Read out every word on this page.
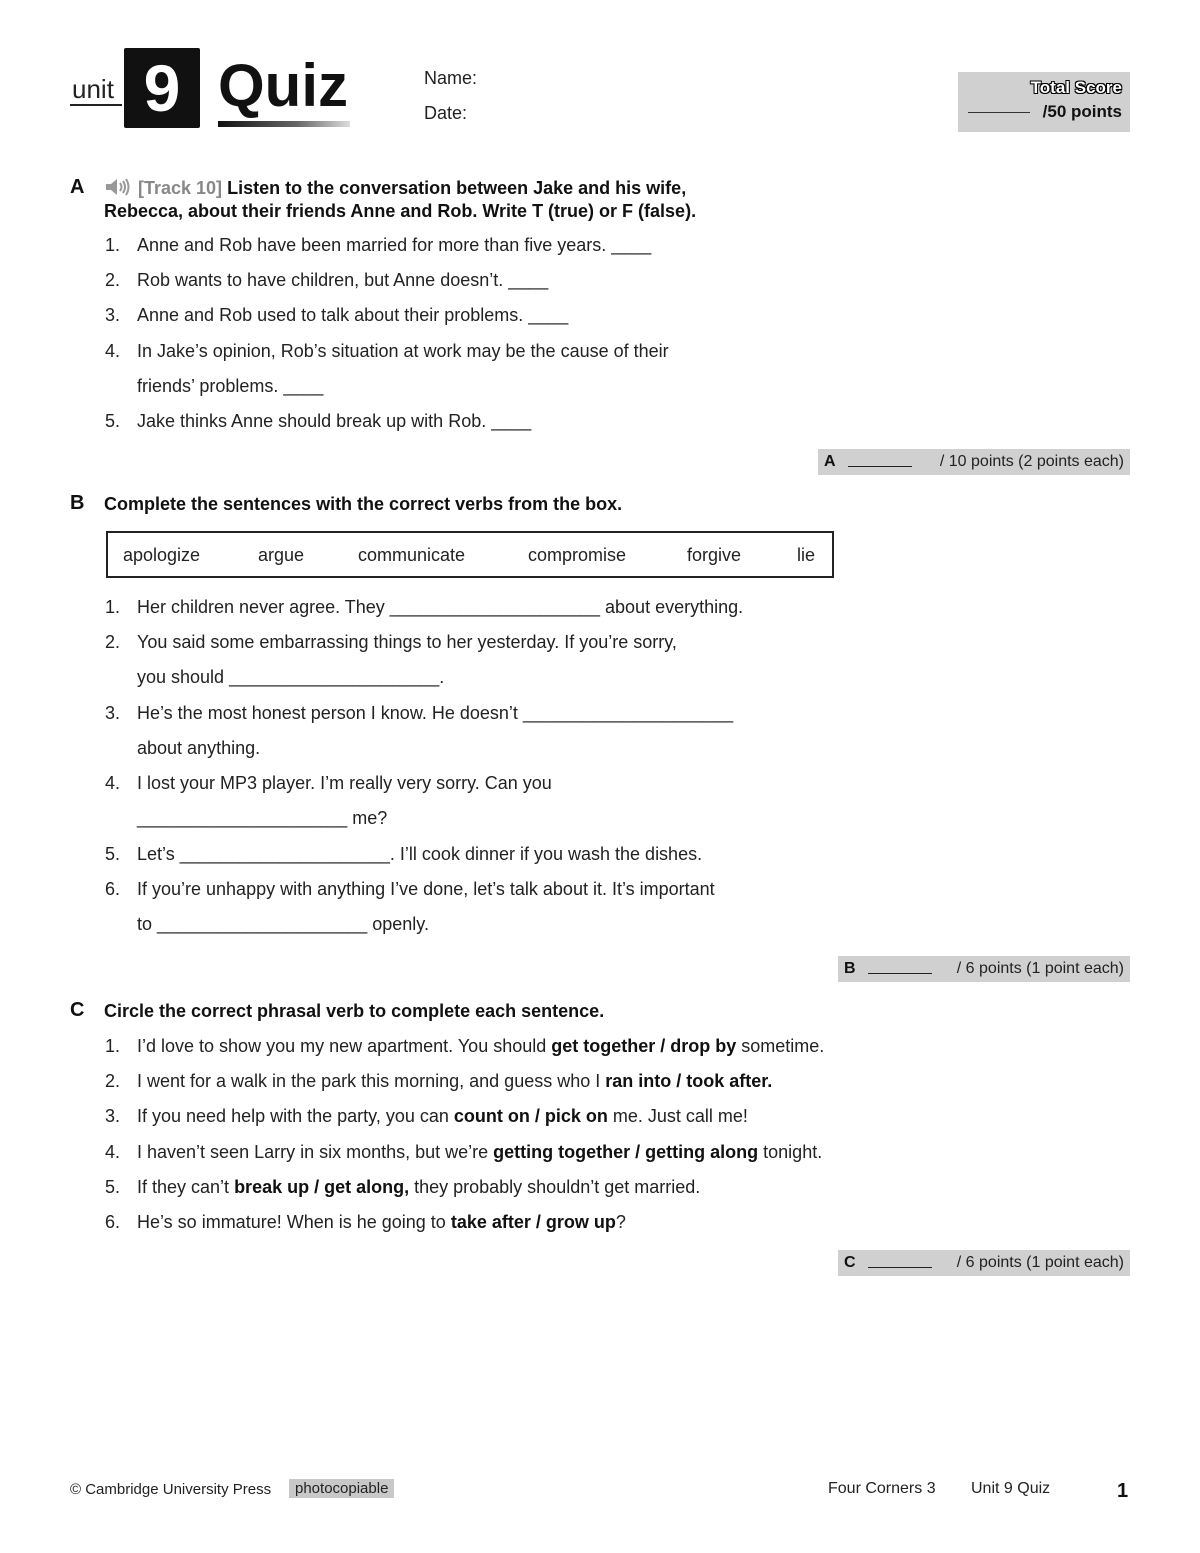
unit 9 Quiz	Name:
Date:
Total Score
/50 points
A	[Track 10] Listen to the conversation between Jake and his wife,
Rebecca, about their friends Anne and Rob. Write T (true) or F (false).
1. Anne and Rob have been married for more than five years. ____
2. Rob wants to have children, but Anne doesn’t. ____
3. Anne and Rob used to talk about their problems. ____
4. In Jake’s opinion, Rob’s situation at work may be the cause of their
friends’ problems. ____
5. Jake thinks Anne should break up with Rob. ____
A	/ 10 points (2 points each)
B Complete the sentences with the correct verbs from the box.
apologize	argue	communicate	compromise	forgive	lie
1. Her children never agree. They _____________________ about everything.
2. You said some embarrassing things to her yesterday. If you’re sorry,
you should _____________________.
3. He’s the most honest person I know. He doesn’t _____________________
about anything.
4. I lost your MP3 player. I’m really very sorry. Can you
_____________________ me?
5. Let’s _____________________. I’ll cook dinner if you wash the dishes.
6. If you’re unhappy with anything I’ve done, let’s talk about it. It’s important
to _____________________ openly.
B	/ 6 points (1 point each)
C Circle the correct phrasal verb to complete each sentence.
1. I’d love to show you my new apartment. You should get together / drop by sometime.
2. I went for a walk in the park this morning, and guess who I ran into / took after.
3. If you need help with the party, you can count on / pick on me. Just call me!
4. I haven’t seen Larry in six months, but we’re getting together / getting along tonight.
5. If they can’t break up / get along, they probably shouldn’t get married.
6. He’s so immature! When is he going to take after / grow up?
C	/ 6 points (1 point each)
© Cambridge University Press	photocopiable	Four Corners 3 Unit 9 Quiz	1
